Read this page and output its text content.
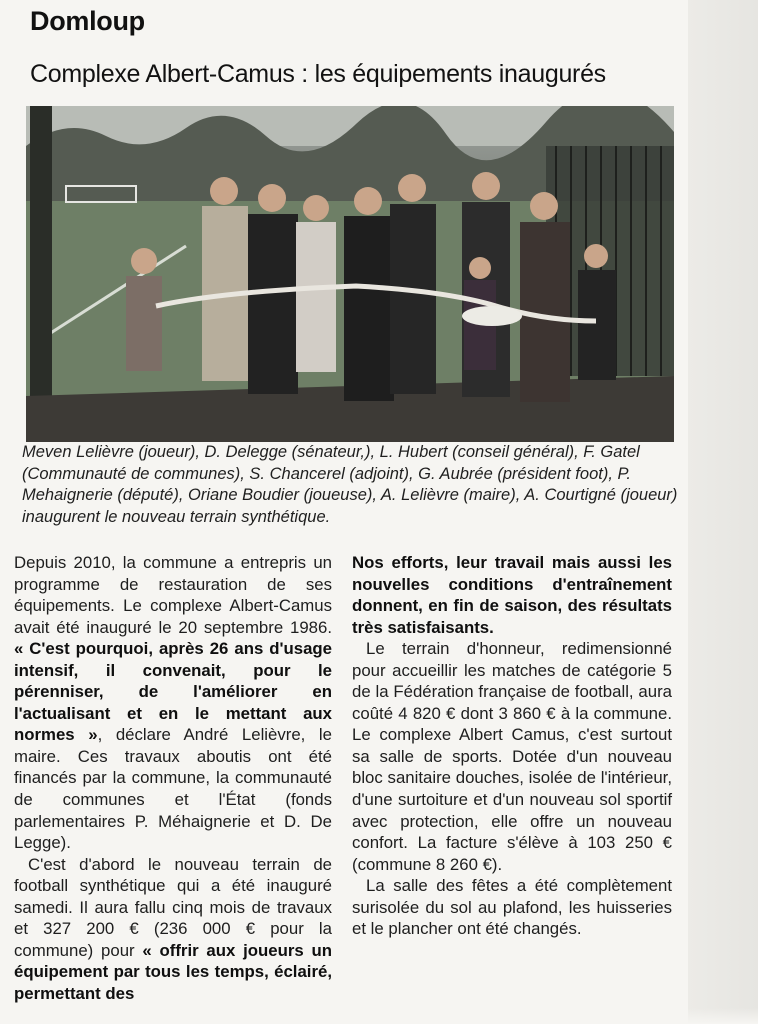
Domloup
Complexe Albert-Camus : les équipements inaugurés
Meven Lelièvre (joueur), D. Delegge (sénateur,), L. Hubert (conseil général), F. Gatel (Communauté de communes), S. Chancerel (adjoint), G. Aubrée (président foot), P. Mehaignerie (député), Oriane Boudier (joueuse), A. Lelièvre (maire), A. Courtigné (joueur) inaugurent le nouveau terrain synthétique.

Depuis 2010, la commune a entrepris un programme de restauration de ses équipements. Le complexe Albert-Camus avait été inauguré le 20 septembre 1986. « C'est pourquoi, après 26 ans d'usage intensif, il convenait, pour le pérenniser, de l'améliorer en l'actualisant et en le mettant aux normes », déclare André Lelièvre, le maire. Ces travaux aboutis ont été financés par la commune, la communauté de communes et l'État (fonds parlementaires P. Méhaignerie et D. De Legge).

C'est d'abord le nouveau terrain de football synthétique qui a été inauguré samedi. Il aura fallu cinq mois de travaux et 327 200 € (236 000 € pour la commune) pour « offrir aux joueurs un équipement par tous les temps, éclairé, permettant des

Nos efforts, leur travail mais aussi les nouvelles conditions d'entraînement donnent, en fin de saison, des résultats très satisfaisants.

Le terrain d'honneur, redimensionné pour accueillir les matches de catégorie 5 de la Fédération française de football, aura coûté 4 820 € dont 3 860 € à la commune. Le complexe Albert Camus, c'est surtout sa salle de sports. Dotée d'un nouveau bloc sanitaire douches, isolée de l'intérieur, d'une surtoiture et d'un nouveau sol sportif avec protection, elle offre un nouveau confort. La facture s'élève à 103 250 € (commune 8 260 €).

La salle des fêtes a été complètement surisolée du sol au plafond, les huisseries et le plancher ont été changés.
